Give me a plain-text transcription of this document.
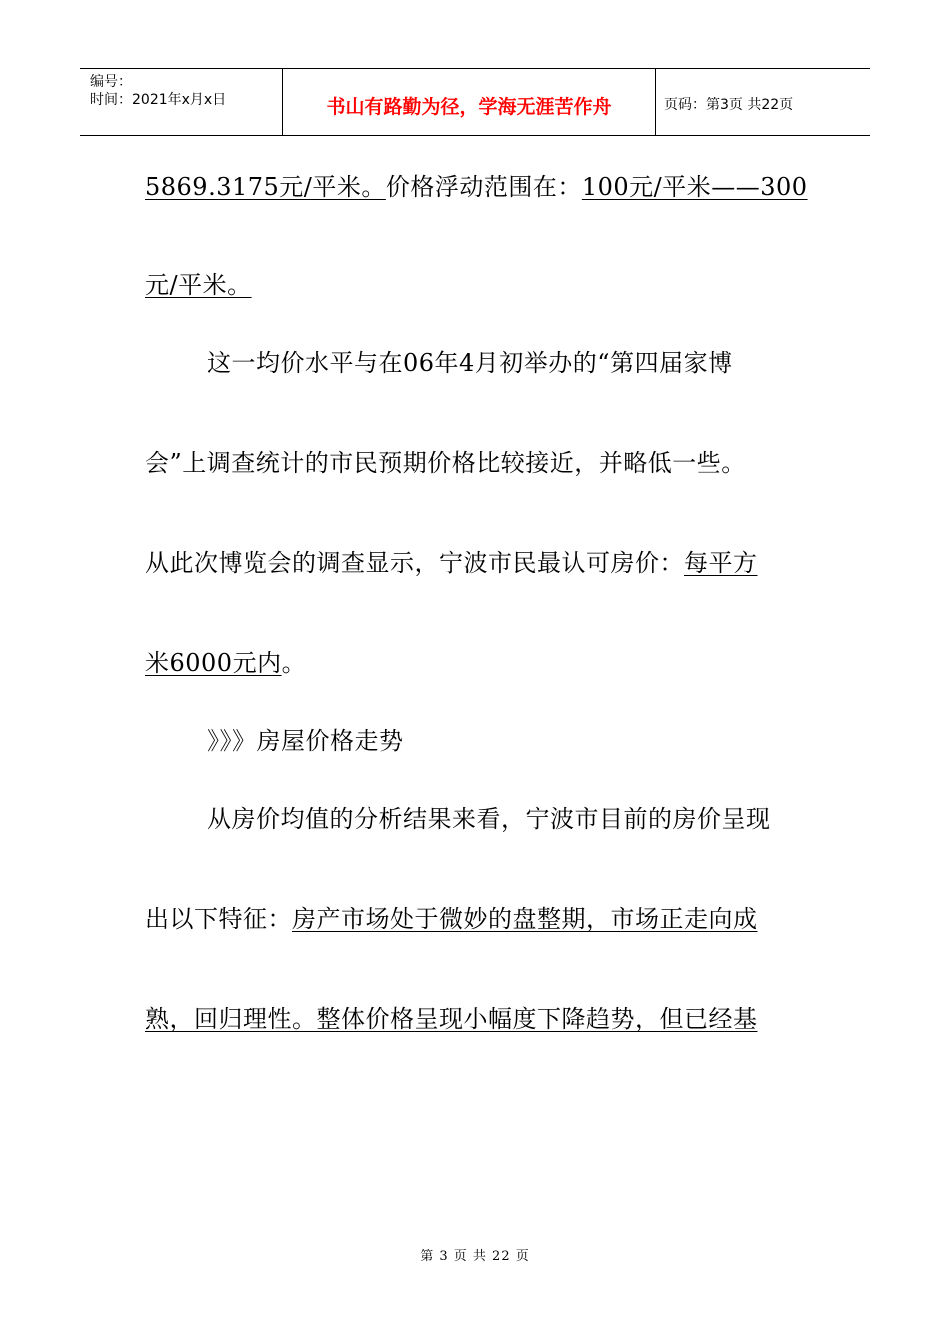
编号：
时间：2021年x月x日	书山有路勤为径，学海无涯苦作舟	页码：第3页 共22页
5869.3175元/平米。价格浮动范围在：100元/平米——300
元/平米。
这一均价水平与在06年4月初举办的“第四届家博
会”上调查统计的市民预期价格比较接近，并略低一些。
从此次博览会的调查显示，宁波市民最认可房价：每平方
米6000元内。
》》》房屋价格走势
从房价均值的分析结果来看，宁波市目前的房价呈现
出以下特征：房产市场处于微妙的盘整期，市场正走向成
熟，回归理性。整体价格呈现小幅度下降趋势，但已经基
第 3 页 共 22 页
